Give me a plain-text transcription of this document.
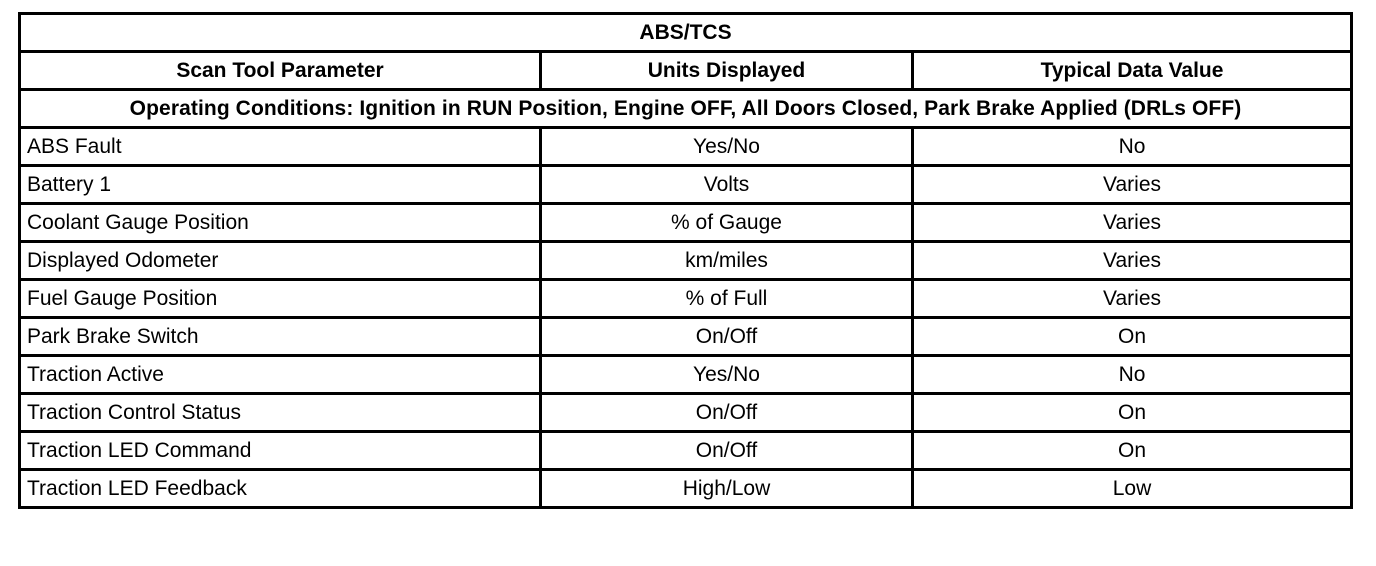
ABS/TCS		
Scan Tool Parameter	Units Displayed	Typical Data Value
Operating Conditions: Ignition in RUN Position, Engine OFF, All Doors Closed, Park Brake Applied (DRLs OFF)		
ABS Fault	Yes/No	No
Battery 1	Volts	Varies
Coolant Gauge Position	% of Gauge	Varies
Displayed Odometer	km/miles	Varies
Fuel Gauge Position	% of Full	Varies
Park Brake Switch	On/Off	On
Traction Active	Yes/No	No
Traction Control Status	On/Off	On
Traction LED Command	On/Off	On
Traction LED Feedback	High/Low	Low
